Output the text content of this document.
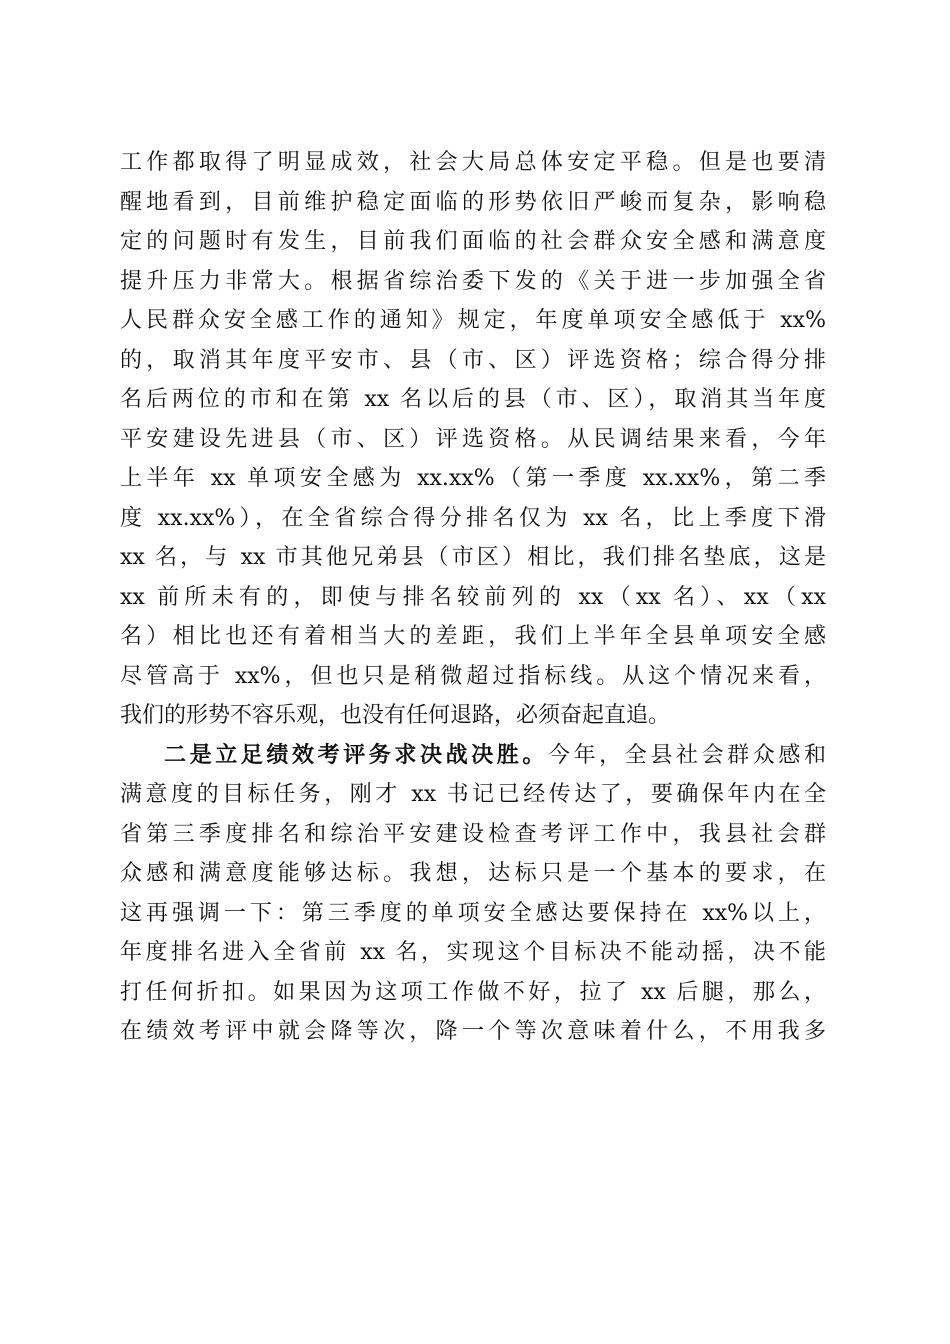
工作都取得了明显成效，社会大局总体安定平稳。但是也要清
醒地看到，目前维护稳定面临的形势依旧严峻而复杂，影响稳
定的问题时有发生，目前我们面临的社会群众安全感和满意度
提升压力非常大。根据省综治委下发的《关于进一步加强全省
人民群众安全感工作的通知》规定，年度单项安全感低于 xx%
的，取消其年度平安市、县（市、区）评选资格；综合得分排
名后两位的市和在第 xx 名以后的县（市、区），取消其当年度
平安建设先进县（市、区）评选资格。从民调结果来看，今年
上半年 xx 单项安全感为 xx.xx%（第一季度 xx.xx%，第二季
度 xx.xx%），在全省综合得分排名仅为 xx 名，比上季度下滑
xx 名，与 xx 市其他兄弟县（市区）相比，我们排名垫底，这是
xx 前所未有的，即使与排名较前列的 xx（xx 名）、xx（xx
名）相比也还有着相当大的差距，我们上半年全县单项安全感
尽管高于 xx%，但也只是稍微超过指标线。从这个情况来看，
我们的形势不容乐观，也没有任何退路，必须奋起直追。
二是立足绩效考评务求决战决胜。今年，全县社会群众感和
满意度的目标任务，刚才 xx 书记已经传达了，要确保年内在全
省第三季度排名和综治平安建设检查考评工作中，我县社会群
众感和满意度能够达标。我想，达标只是一个基本的要求，在
这再强调一下：第三季度的单项安全感达要保持在 xx%以上，
年度排名进入全省前 xx 名，实现这个目标决不能动摇，决不能
打任何折扣。如果因为这项工作做不好，拉了 xx 后腿，那么，
在绩效考评中就会降等次，降一个等次意味着什么，不用我多
